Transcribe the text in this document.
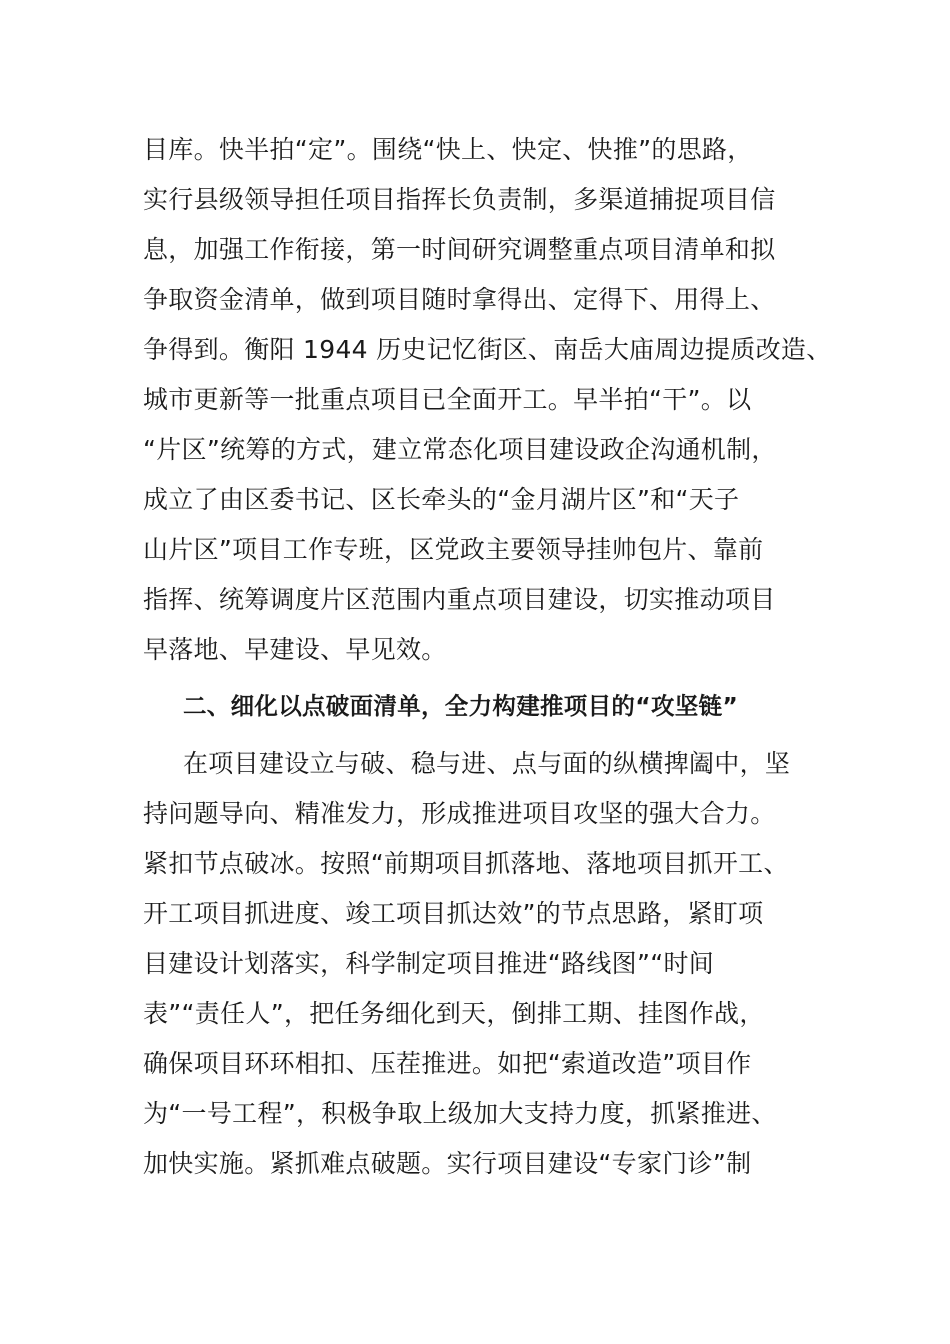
目库。快半拍“定”。围绕“快上、快定、快推”的思路，
实行县级领导担任项目指挥长负责制，多渠道捕捉项目信
息，加强工作衔接，第一时间研究调整重点项目清单和拟
争取资金清单，做到项目随时拿得出、定得下、用得上、
争得到。衡阳 1944 历史记忆街区、南岳大庙周边提质改造、
城市更新等一批重点项目已全面开工。早半拍“干”。以
“片区”统筹的方式，建立常态化项目建设政企沟通机制，
成立了由区委书记、区长牵头的“金月湖片区”和“天子
山片区”项目工作专班，区党政主要领导挂帅包片、靠前
指挥、统筹调度片区范围内重点项目建设，切实推动项目
早落地、早建设、早见效。
二、细化以点破面清单，全力构建推项目的“攻坚链”
在项目建设立与破、稳与进、点与面的纵横捭阖中，坚
持问题导向、精准发力，形成推进项目攻坚的强大合力。
紧扣节点破冰。按照“前期项目抓落地、落地项目抓开工、
开工项目抓进度、竣工项目抓达效”的节点思路，紧盯项
目建设计划落实，科学制定项目推进“路线图”“时间
表”“责任人”，把任务细化到天，倒排工期、挂图作战，
确保项目环环相扣、压茬推进。如把“索道改造”项目作
为“一号工程”，积极争取上级加大支持力度，抓紧推进、
加快实施。紧抓难点破题。实行项目建设“专家门诊”制
